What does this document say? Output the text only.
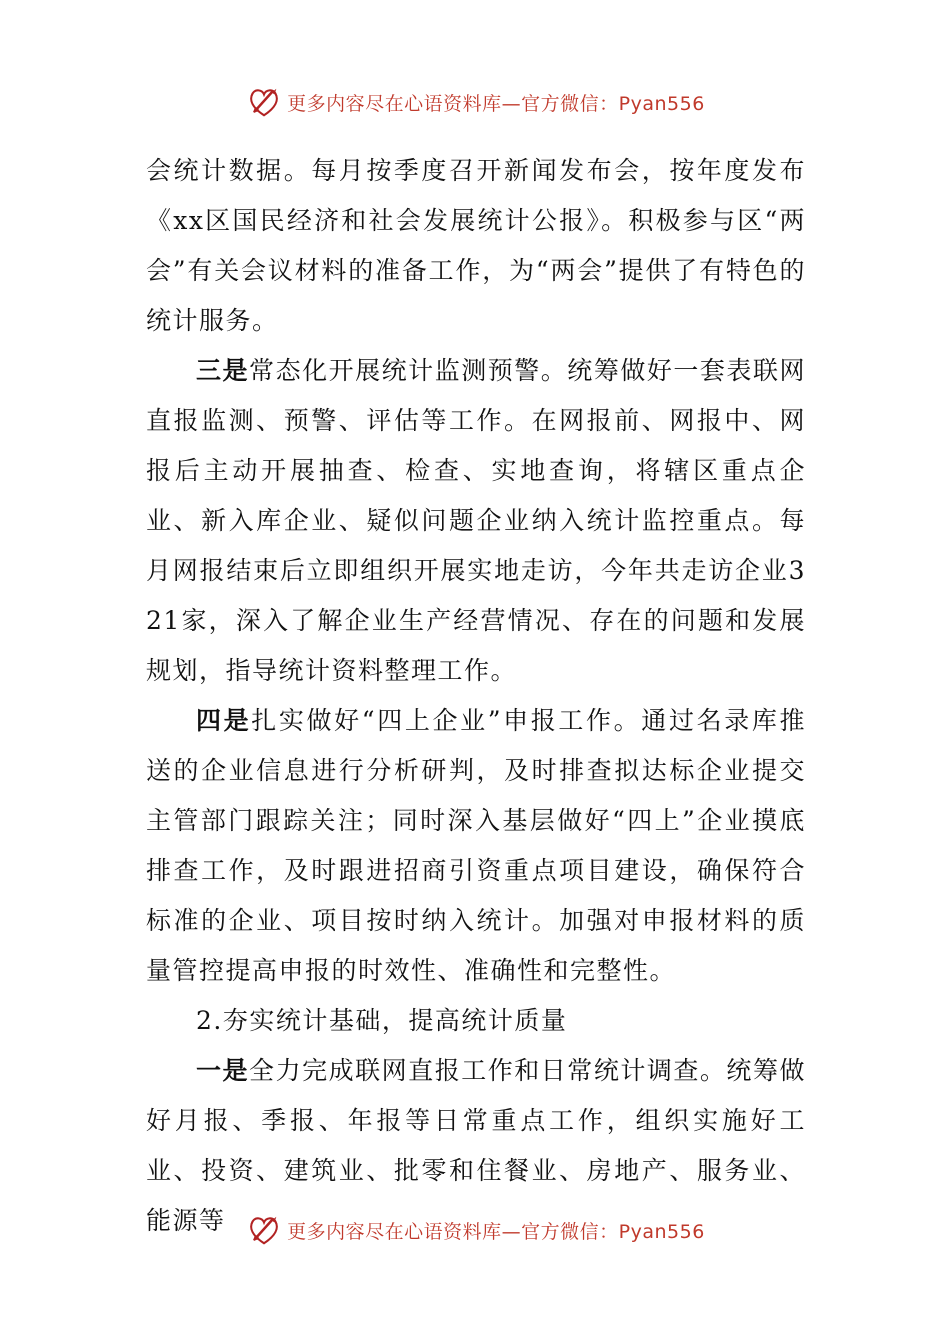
更多内容尽在心语资料库—官方微信：Pyan556

会统计数据。每月按季度召开新闻发布会，按年度发布《xx区国民经济和社会发展统计公报》。积极参与区“两会”有关会议材料的准备工作，为“两会”提供了有特色的统计服务。

三是常态化开展统计监测预警。统筹做好一套表联网直报监测、预警、评估等工作。在网报前、网报中、网报后主动开展抽查、检查、实地查询，将辖区重点企业、新入库企业、疑似问题企业纳入统计监控重点。每月网报结束后立即组织开展实地走访，今年共走访企业321家，深入了解企业生产经营情况、存在的问题和发展规划，指导统计资料整理工作。

四是扎实做好“四上企业”申报工作。通过名录库推送的企业信息进行分析研判，及时排查拟达标企业提交主管部门跟踪关注；同时深入基层做好“四上”企业摸底排查工作，及时跟进招商引资重点项目建设，确保符合标准的企业、项目按时纳入统计。加强对申报材料的质量管控提高申报的时效性、准确性和完整性。

2.夯实统计基础，提高统计质量

一是全力完成联网直报工作和日常统计调查。统筹做好月报、季报、年报等日常重点工作，组织实施好工业、投资、建筑业、批零和住餐业、房地产、服务业、能源等	更多内容尽在心语资料库—官方微信：Pyan556
